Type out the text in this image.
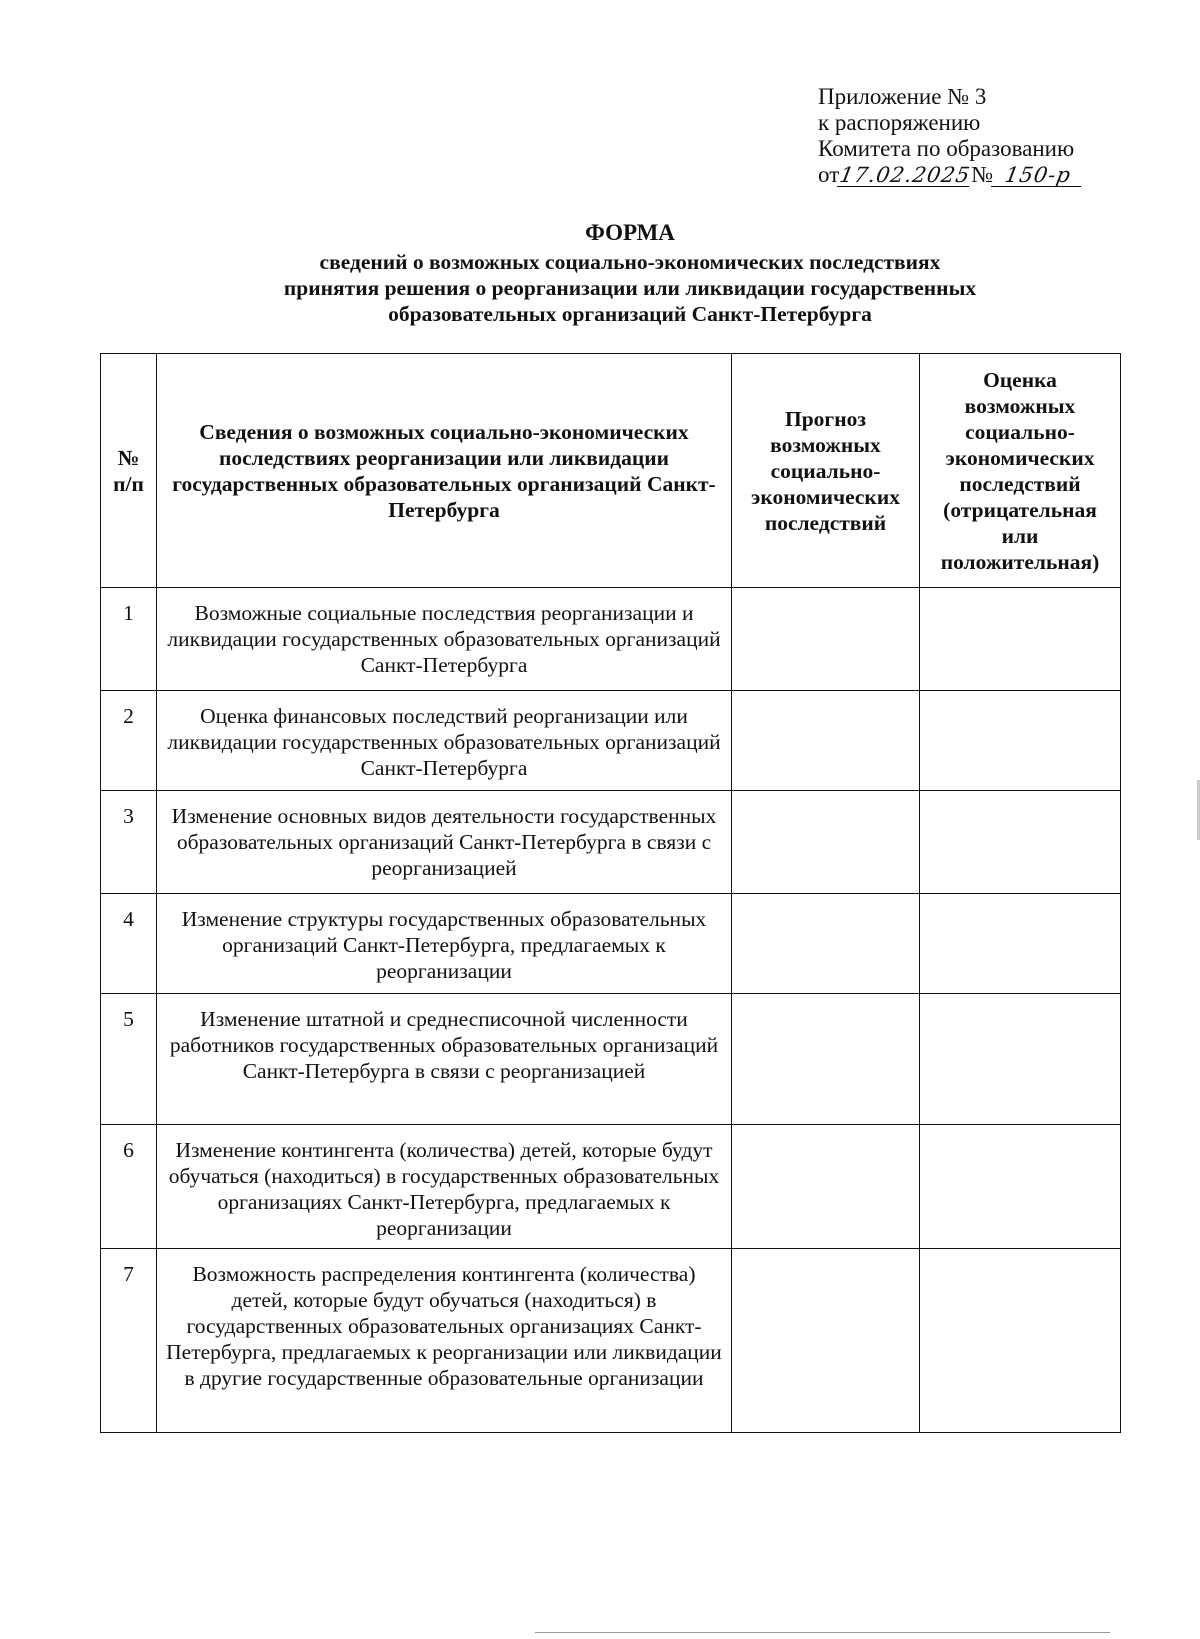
Приложение № 3
к распоряжению
Комитета по образованию
от17.02.2025№ 150-р
ФОРМА
сведений о возможных социально-экономических последствиях
принятия решения о реорганизации или ликвидации государственных
образовательных организаций Санкт-Петербурга
№ п/п	Сведения о возможных социально-экономических последствиях реорганизации или ликвидации государственных образовательных организаций Санкт-Петербурга	Прогноз возможных социально-экономических последствий	Оценка возможных социально-экономических последствий (отрицательная или положительная)
1	Возможные социальные последствия реорганизации и ликвидации государственных образовательных организаций Санкт-Петербурга		
2	Оценка финансовых последствий реорганизации или ликвидации государственных образовательных организаций Санкт-Петербурга		
3	Изменение основных видов деятельности государственных образовательных организаций Санкт-Петербурга в связи с реорганизацией		
4	Изменение структуры государственных образовательных организаций Санкт-Петербурга, предлагаемых к реорганизации		
5	Изменение штатной и среднесписочной численности работников государственных образовательных организаций Санкт-Петербурга в связи с реорганизацией		
6	Изменение контингента (количества) детей, которые будут обучаться (находиться) в государственных образовательных организациях Санкт-Петербурга, предлагаемых к реорганизации		
7	Возможность распределения контингента (количества) детей, которые будут обучаться (находиться) в государственных образовательных организациях Санкт-Петербурга, предлагаемых к реорганизации или ликвидации в другие государственные образовательные организации		
